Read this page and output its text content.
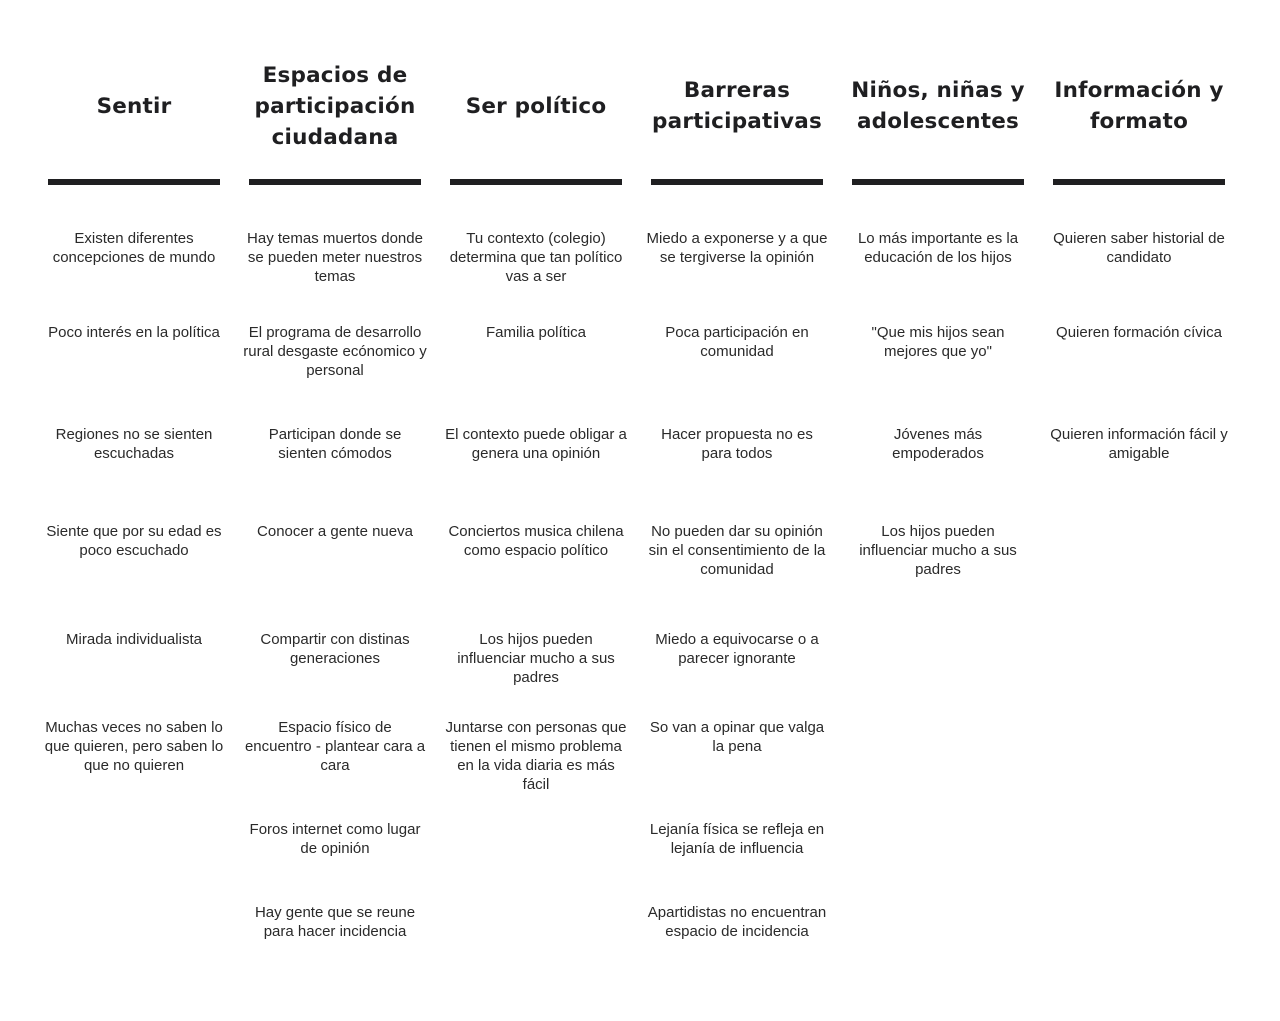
Sentir
Existen diferentes concepciones de mundo
Poco interés en la política
Regiones no se sienten escuchadas
Siente que por su edad es poco escuchado
Mirada individualista
Muchas veces no saben lo que quieren, pero saben lo que no quieren
Espacios de participación ciudadana
Hay temas muertos donde se pueden meter nuestros temas
El programa de desarrollo rural desgaste ecónomico y personal
Participan donde se sienten cómodos
Conocer a gente nueva
Compartir con distinas generaciones
Espacio físico de encuentro - plantear cara a cara
Foros internet como lugar de opinión
Hay gente que se reune para hacer incidencia
Ser político
Tu contexto (colegio) determina que tan político vas a ser
Familia política
El contexto puede obligar a genera una opinión
Conciertos musica chilena como espacio político
Los hijos pueden influenciar mucho a sus padres
Juntarse con personas que tienen el mismo problema en la vida diaria es más fácil
Barreras participativas
Miedo a exponerse y a que se tergiverse la opinión
Poca participación en comunidad
Hacer propuesta no es para todos
No pueden dar su opinión sin el consentimiento de la comunidad
Miedo a equivocarse o a parecer ignorante
So van a opinar que valga la pena
Lejanía física se refleja en lejanía de influencia
Apartidistas no encuentran espacio de incidencia
Niños, niñas y adolescentes
Lo más importante es la educación de los hijos
"Que mis hijos sean mejores que yo"
Jóvenes más empoderados
Los hijos pueden influenciar mucho a sus padres
Información y formato
Quieren saber historial de candidato
Quieren formación cívica
Quieren información fácil y amigable
